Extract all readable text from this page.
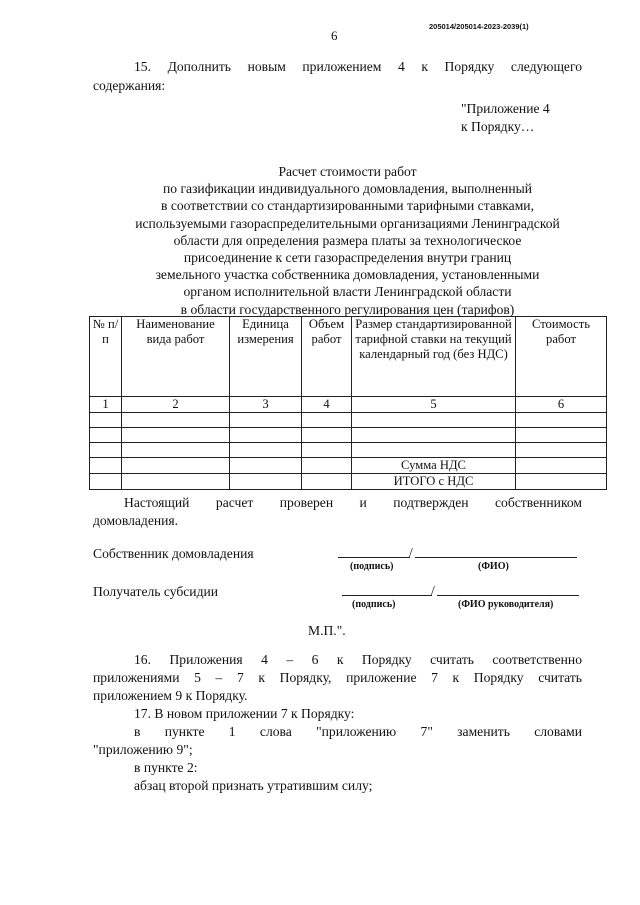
6
205014/205014-2023-2039(1)
15. Дополнить новым приложением 4 к Порядку следующего
содержания:
"Приложение 4
к Порядку…
Расчет стоимости работ
по газификации индивидуального домовладения, выполненный
в соответствии со стандартизированными тарифными ставками,
используемыми газораспределительными организациями Ленинградской
области для определения размера платы за технологическое
присоединение к сети газораспределения внутри границ
земельного участка собственника домовладения, установленными
органом исполнительной власти Ленинградской области
в области государственного регулирования цен (тарифов)
№ п/п	Наименование вида работ	Единица измерения	Объем работ	Размер стандартизированной тарифной ставки на текущий календарный год (без НДС)	Стоимость работ
1	2	3	4	5	6

				Сумма НДС	
				ИТОГО с НДС	
Настоящий расчет проверен и подтвержден собственником
домовладения.
Собственник домовладения	/
(подпись)	(ФИО)
Получатель субсидии	/
(подпись)	(ФИО руководителя)
М.П.".
16. Приложения 4 – 6 к Порядку считать соответственно
приложениями 5 – 7 к Порядку, приложение 7 к Порядку считать
приложением 9 к Порядку.
17. В новом приложении 7 к Порядку:
в пункте 1 слова "приложению 7" заменить словами
"приложению 9";
в пункте 2:
абзац второй признать утратившим силу;
